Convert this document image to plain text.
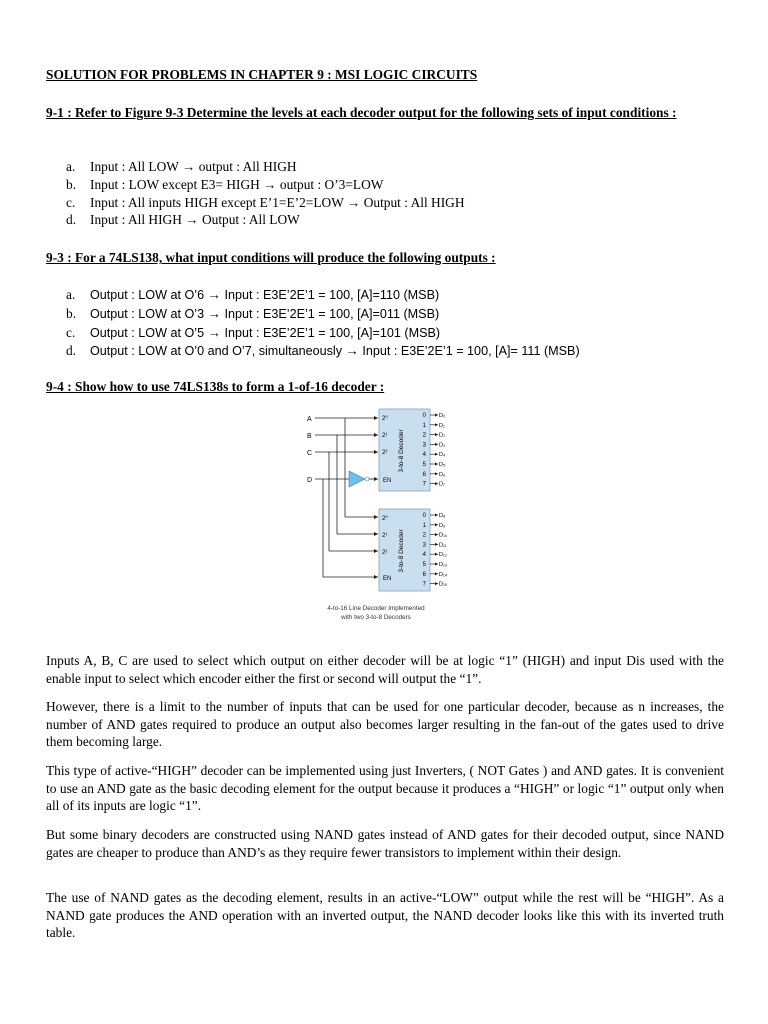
SOLUTION FOR PROBLEMS IN CHAPTER 9 : MSI LOGIC CIRCUITS
9-1 : Refer to Figure 9-3 Determine the levels at each decoder output for the following sets of input conditions :
a. Input : All LOW → output : All HIGH
b. Input : LOW except E3= HIGH → output : O’3=LOW
c. Input : All inputs HIGH except E’1=E’2=LOW → Output : All HIGH
d. Input : All HIGH → Output : All LOW
9-3 : For a 74LS138, what input conditions will produce the following outputs :
a. Output : LOW at O’6 → Input : E3E’2E’1 = 100, [A]=110 (MSB)
b. Output : LOW at O’3 → Input : E3E’2E’1 = 100, [A]=011 (MSB)
c. Output : LOW at O’5 → Input : E3E’2E’1 = 100, [A]=101 (MSB)
d. Output : LOW at O’0 and O’7, simultaneously → Input : E3E’2E’1 = 100, [A]= 111 (MSB)
9-4 : Show how to use 74LS138s to form a 1-of-16 decoder :
A
B
C
D
2⁰
2¹
2²
EN
3-to-8 Decoder
2⁰
2¹
2²
EN
3-to-8 Decoder
0 D₀
1 D₁
2 D₂
3 D₃
4 D₄
5 D₅
6 D₆
7 D₇
0 D₈
1 D₉
2 D₁₀
3 D₁₁
4 D₁₂
5 D₁₃
6 D₁₄
7 D₁₅
4-to-16 Line Decoder Implemented
with two 3-to-8 Decoders
Inputs A, B, C are used to select which output on either decoder will be at logic “1” (HIGH) and input Dis used with the enable input to select which encoder either the first or second will output the “1”.
However, there is a limit to the number of inputs that can be used for one particular decoder, because as n increases, the number of AND gates required to produce an output also becomes larger resulting in the fan-out of the gates used to drive them becoming large.
This type of active-“HIGH” decoder can be implemented using just Inverters, ( NOT Gates ) and AND gates. It is convenient to use an AND gate as the basic decoding element for the output because it produces a “HIGH” or logic “1” output only when all of its inputs are logic “1”.
But some binary decoders are constructed using NAND gates instead of AND gates for their decoded output, since NAND gates are cheaper to produce than AND’s as they require fewer transistors to implement within their design.
The use of NAND gates as the decoding element, results in an active-“LOW” output while the rest will be “HIGH”. As a NAND gate produces the AND operation with an inverted output, the NAND decoder looks like this with its inverted truth table.
